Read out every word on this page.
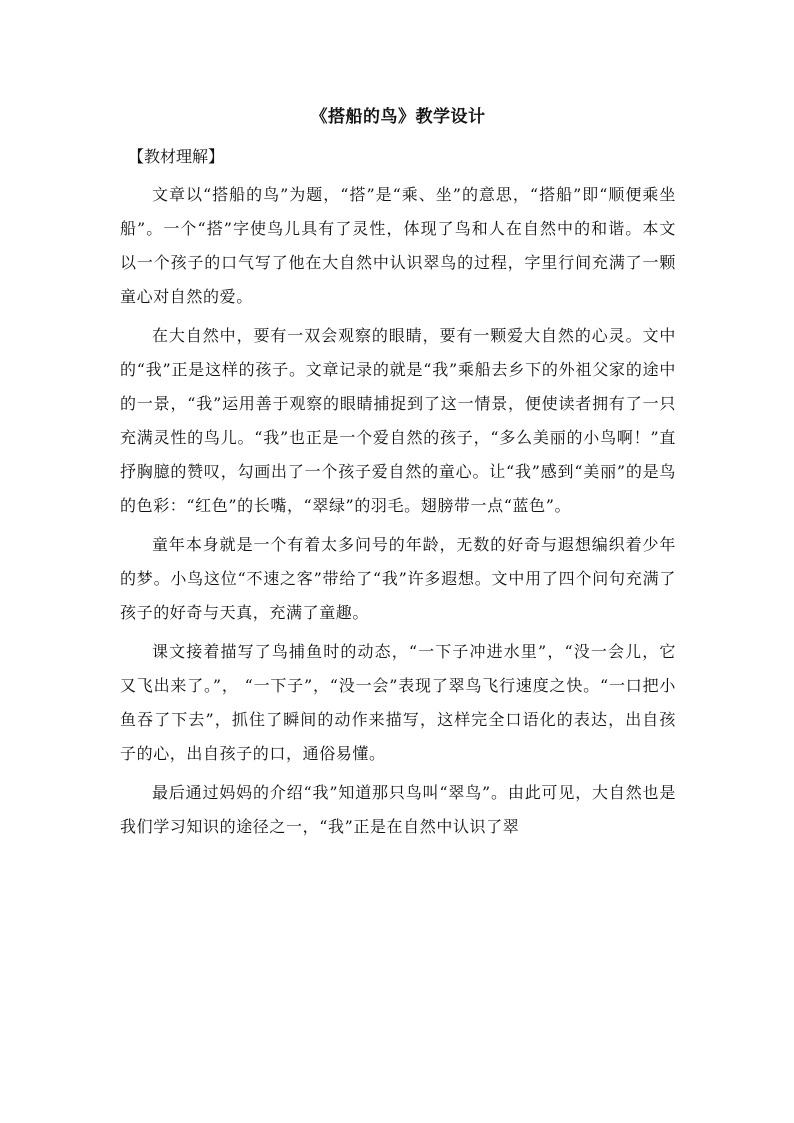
《搭船的鸟》教学设计
【教材理解】

文章以“搭船的鸟”为题，“搭”是“乘、坐”的意思，“搭船”即“顺便乘坐船”。一个“搭”字使鸟儿具有了灵性，体现了鸟和人在自然中的和谐。本文以一个孩子的口气写了他在大自然中认识翠鸟的过程，字里行间充满了一颗童心对自然的爱。

在大自然中，要有一双会观察的眼睛，要有一颗爱大自然的心灵。文中的“我”正是这样的孩子。文章记录的就是“我”乘船去乡下的外祖父家的途中的一景，“我”运用善于观察的眼睛捕捉到了这一情景，便使读者拥有了一只充满灵性的鸟儿。“我”也正是一个爱自然的孩子，“多么美丽的小鸟啊！”直抒胸臆的赞叹，勾画出了一个孩子爱自然的童心。让“我”感到“美丽”的是鸟的色彩：“红色”的长嘴，“翠绿”的羽毛。翅膀带一点“蓝色”。

童年本身就是一个有着太多问号的年龄，无数的好奇与遐想编织着少年的梦。小鸟这位“不速之客”带给了“我”许多遐想。文中用了四个问句充满了孩子的好奇与天真，充满了童趣。

课文接着描写了鸟捕鱼时的动态，“一下子冲进水里”，“没一会儿，它又飞出来了。”， “一下子”，“没一会”表现了翠鸟飞行速度之快。“一口把小鱼吞了下去”，抓住了瞬间的动作来描写，这样完全口语化的表达，出自孩子的心，出自孩子的口，通俗易懂。

最后通过妈妈的介绍“我”知道那只鸟叫“翠鸟”。由此可见，大自然也是我们学习知识的途径之一，“我”正是在自然中认识了翠
